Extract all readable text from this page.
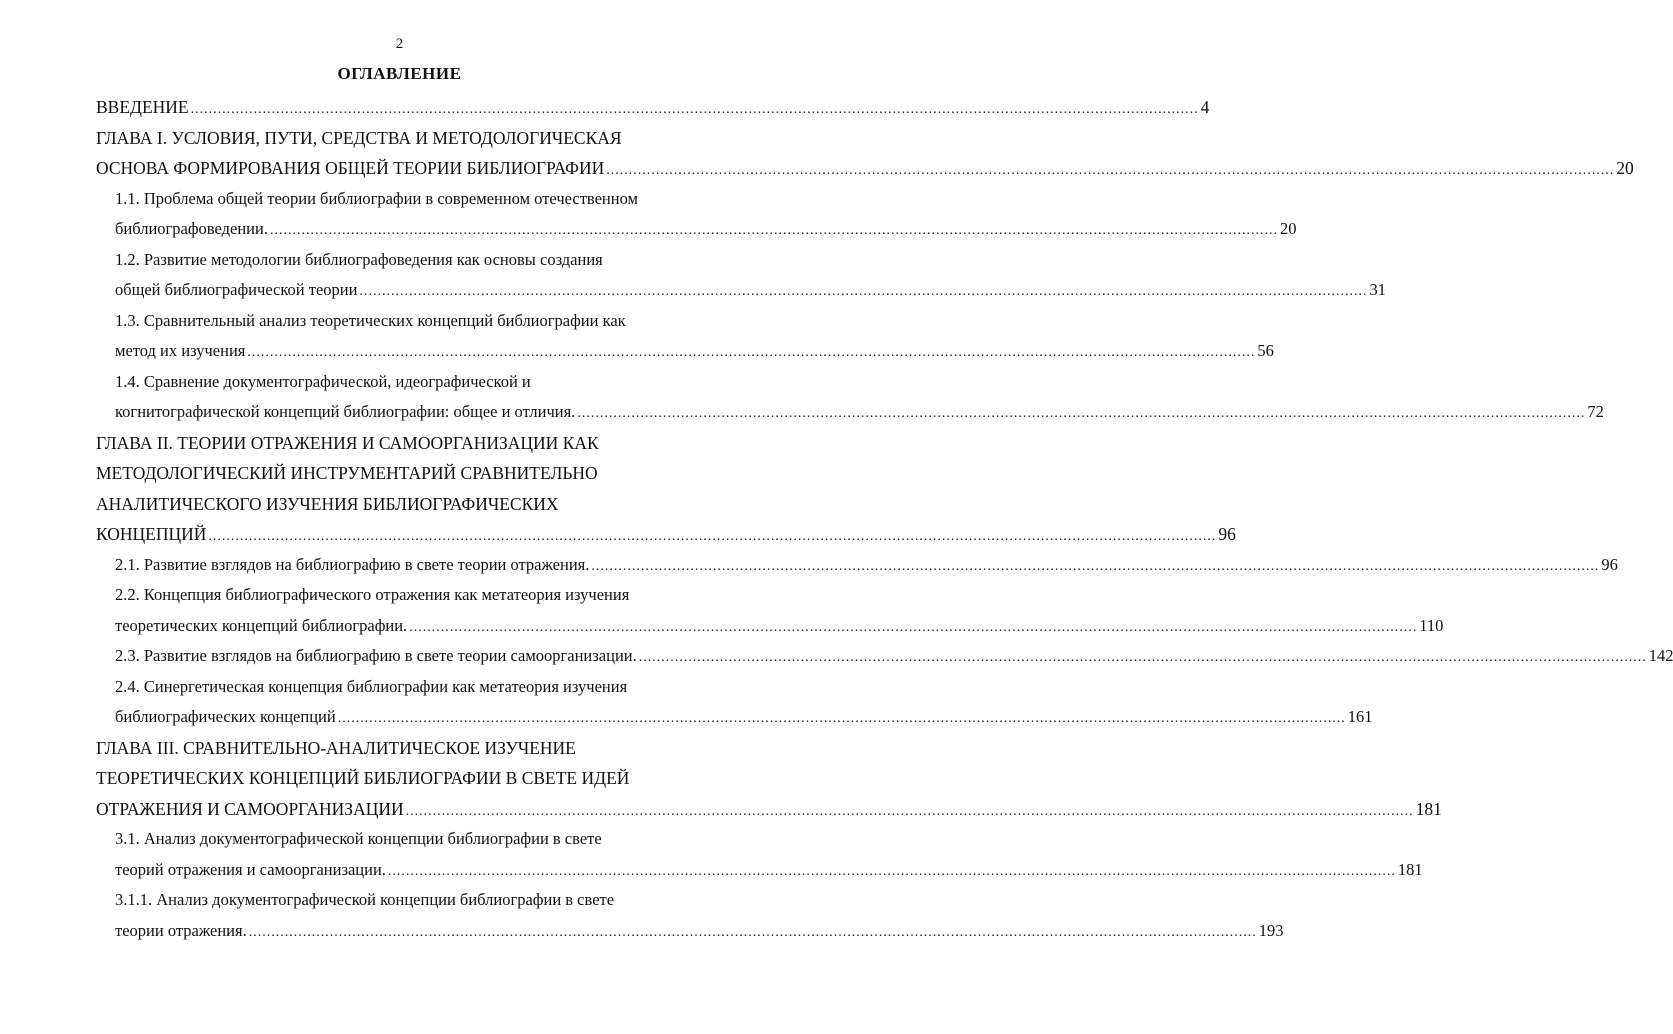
2
ОГЛАВЛЕНИЕ
ВВЕДЕНИЕ .....	4
ГЛАВА I. УСЛОВИЯ, ПУТИ, СРЕДСТВА И МЕТОДОЛОГИЧЕСКАЯ
ОСНОВА ФОРМИРОВАНИЯ ОБЩЕЙ ТЕОРИИ БИБЛИОГРАФИИ .....	20
1.1. Проблема общей теории библиографии в современном отечественном
библиографоведении. .....	20
1.2. Развитие методологии библиографоведения как основы создания
общей библиографической теории .....	31
1.3. Сравнительный анализ теоретических концепций библиографии как
метод их изучения .....	56
1.4. Сравнение документографической, идеографической и
когнитографической концепций библиографии: общее и отличия. .....	72
ГЛАВА II. ТЕОРИИ ОТРАЖЕНИЯ И САМООРГАНИЗАЦИИ КАК
МЕТОДОЛОГИЧЕСКИЙ ИНСТРУМЕНТАРИЙ СРАВНИТЕЛЬНО
АНАЛИТИЧЕСКОГО ИЗУЧЕНИЯ БИБЛИОГРАФИЧЕСКИХ
КОНЦЕПЦИЙ .....	96
2.1. Развитие взглядов на библиографию в свете теории отражения. .....	96
2.2. Концепция библиографического отражения как метатеория изучения
теоретических концепций библиографии. .....	110
2.3. Развитие взглядов на библиографию в свете теории самоорганизации. .....	142
2.4. Синергетическая концепция библиографии как метатеория изучения
библиографических концепций .....	161
ГЛАВА III. СРАВНИТЕЛЬНО-АНАЛИТИЧЕСКОЕ ИЗУЧЕНИЕ
ТЕОРЕТИЧЕСКИХ КОНЦЕПЦИЙ БИБЛИОГРАФИИ В СВЕТЕ ИДЕЙ
ОТРАЖЕНИЯ И САМООРГАНИЗАЦИИ .....	181
3.1. Анализ документографической концепции библиографии в свете
теорий отражения и самоорганизации. .....	181
3.1.1. Анализ документографической концепции библиографии в свете
теории отражения. .....	193
